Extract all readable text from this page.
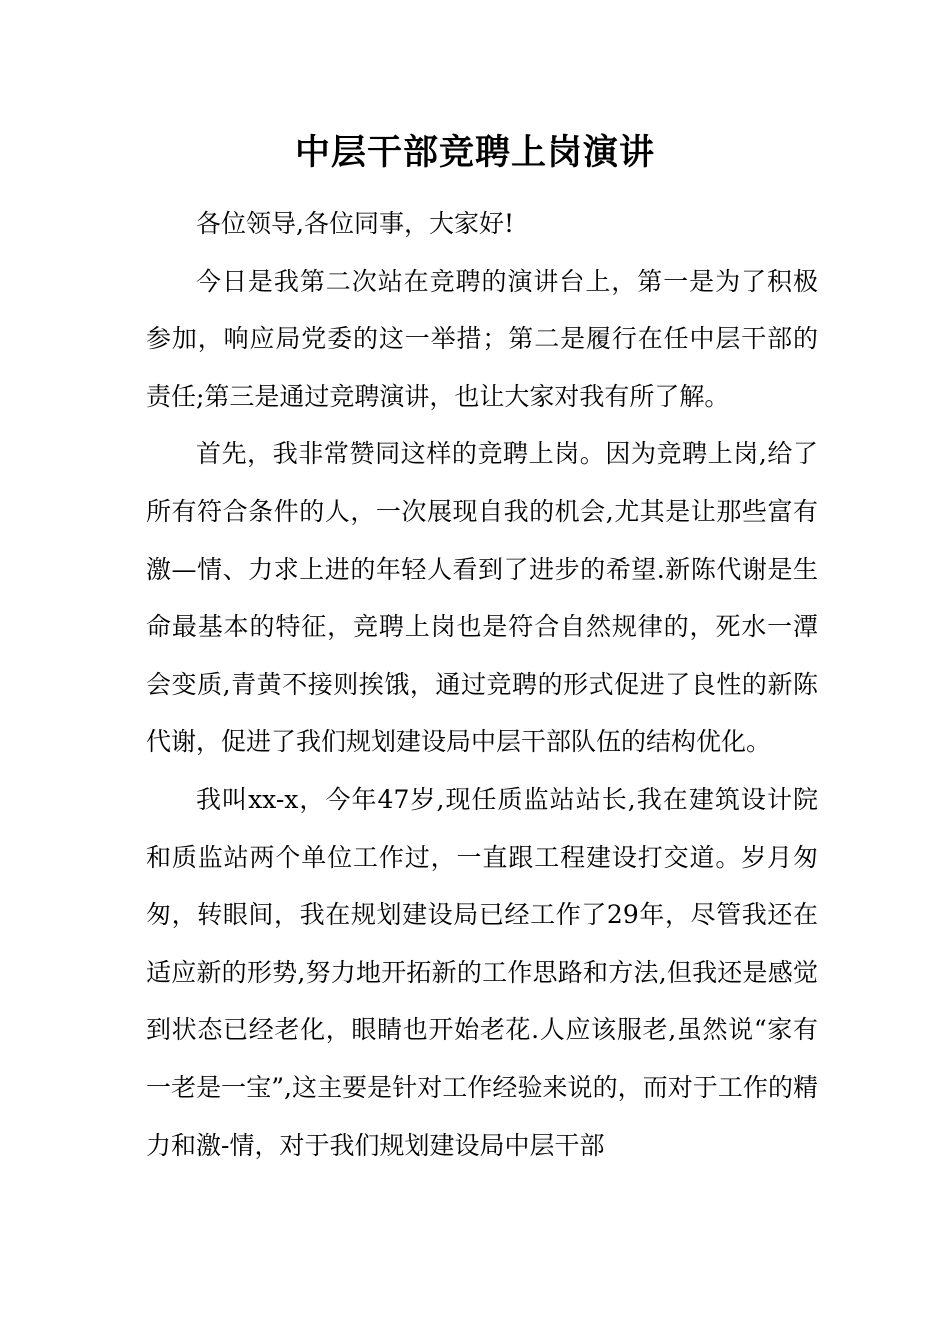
中层干部竞聘上岗演讲

各位领导,各位同事，大家好!

今日是我第二次站在竞聘的演讲台上，第一是为了积极参加，响应局党委的这一举措；第二是履行在任中层干部的责任;第三是通过竞聘演讲，也让大家对我有所了解。

首先，我非常赞同这样的竞聘上岗。因为竞聘上岗,给了所有符合条件的人，一次展现自我的机会,尤其是让那些富有激—情、力求上进的年轻人看到了进步的希望.新陈代谢是生命最基本的特征，竞聘上岗也是符合自然规律的，死水一潭会变质,青黄不接则挨饿，通过竞聘的形式促进了良性的新陈代谢，促进了我们规划建设局中层干部队伍的结构优化。

我叫xx-x，今年47岁,现任质监站站长,我在建筑设计院和质监站两个单位工作过，一直跟工程建设打交道。岁月匆匆，转眼间，我在规划建设局已经工作了29年，尽管我还在适应新的形势,努力地开拓新的工作思路和方法,但我还是感觉到状态已经老化，眼睛也开始老花.人应该服老,虽然说“家有一老是一宝”,这主要是针对工作经验来说的，而对于工作的精力和激-情，对于我们规划建设局中层干部
